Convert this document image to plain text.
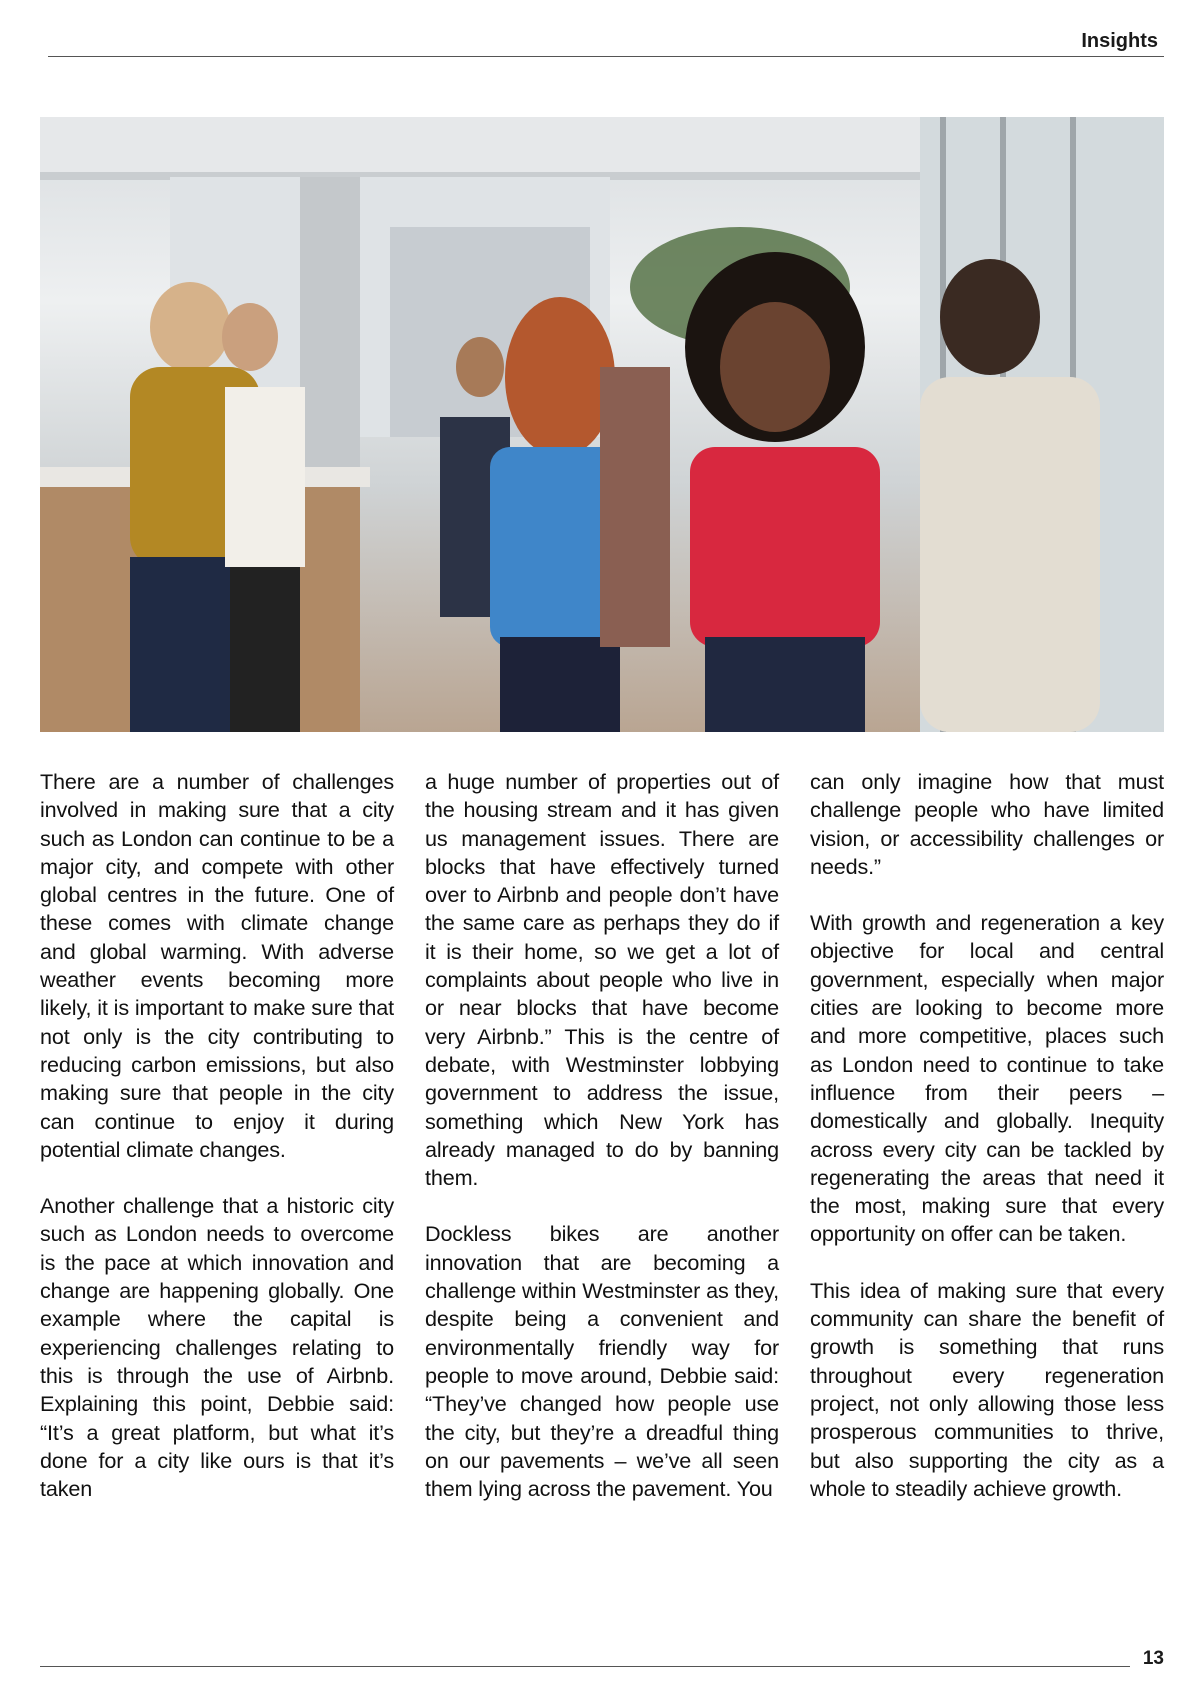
Insights

There are a number of challenges involved in making sure that a city such as London can continue to be a major city, and compete with other global centres in the future. One of these comes with climate change and global warming. With adverse weather events becoming more likely, it is important to make sure that not only is the city contributing to reducing carbon emissions, but also making sure that people in the city can continue to enjoy it during potential climate changes.

Another challenge that a historic city such as London needs to overcome is the pace at which innovation and change are happening globally. One example where the capital is experiencing challenges relating to this is through the use of Airbnb. Explaining this point, Debbie said: “It’s a great platform, but what it’s done for a city like ours is that it’s taken

a huge number of properties out of the housing stream and it has given us management issues. There are blocks that have effectively turned over to Airbnb and people don’t have the same care as perhaps they do if it is their home, so we get a lot of complaints about people who live in or near blocks that have become very Airbnb.” This is the centre of debate, with Westminster lobbying government to address the issue, something which New York has already managed to do by banning them.

Dockless bikes are another innovation that are becoming a challenge within Westminster as they, despite being a convenient and environmentally friendly way for people to move around, Debbie said: “They’ve changed how people use the city, but they’re a dreadful thing on our pavements – we’ve all seen them lying across the pavement. You

can only imagine how that must challenge people who have limited vision, or accessibility challenges or needs.”

With growth and regeneration a key objective for local and central government, especially when major cities are looking to become more and more competitive, places such as London need to continue to take influence from their peers – domestically and globally. Inequity across every city can be tackled by regenerating the areas that need it the most, making sure that every opportunity on offer can be taken.

This idea of making sure that every community can share the benefit of growth is something that runs throughout every regeneration project, not only allowing those less prosperous communities to thrive, but also supporting the city as a whole to steadily achieve growth.

13
